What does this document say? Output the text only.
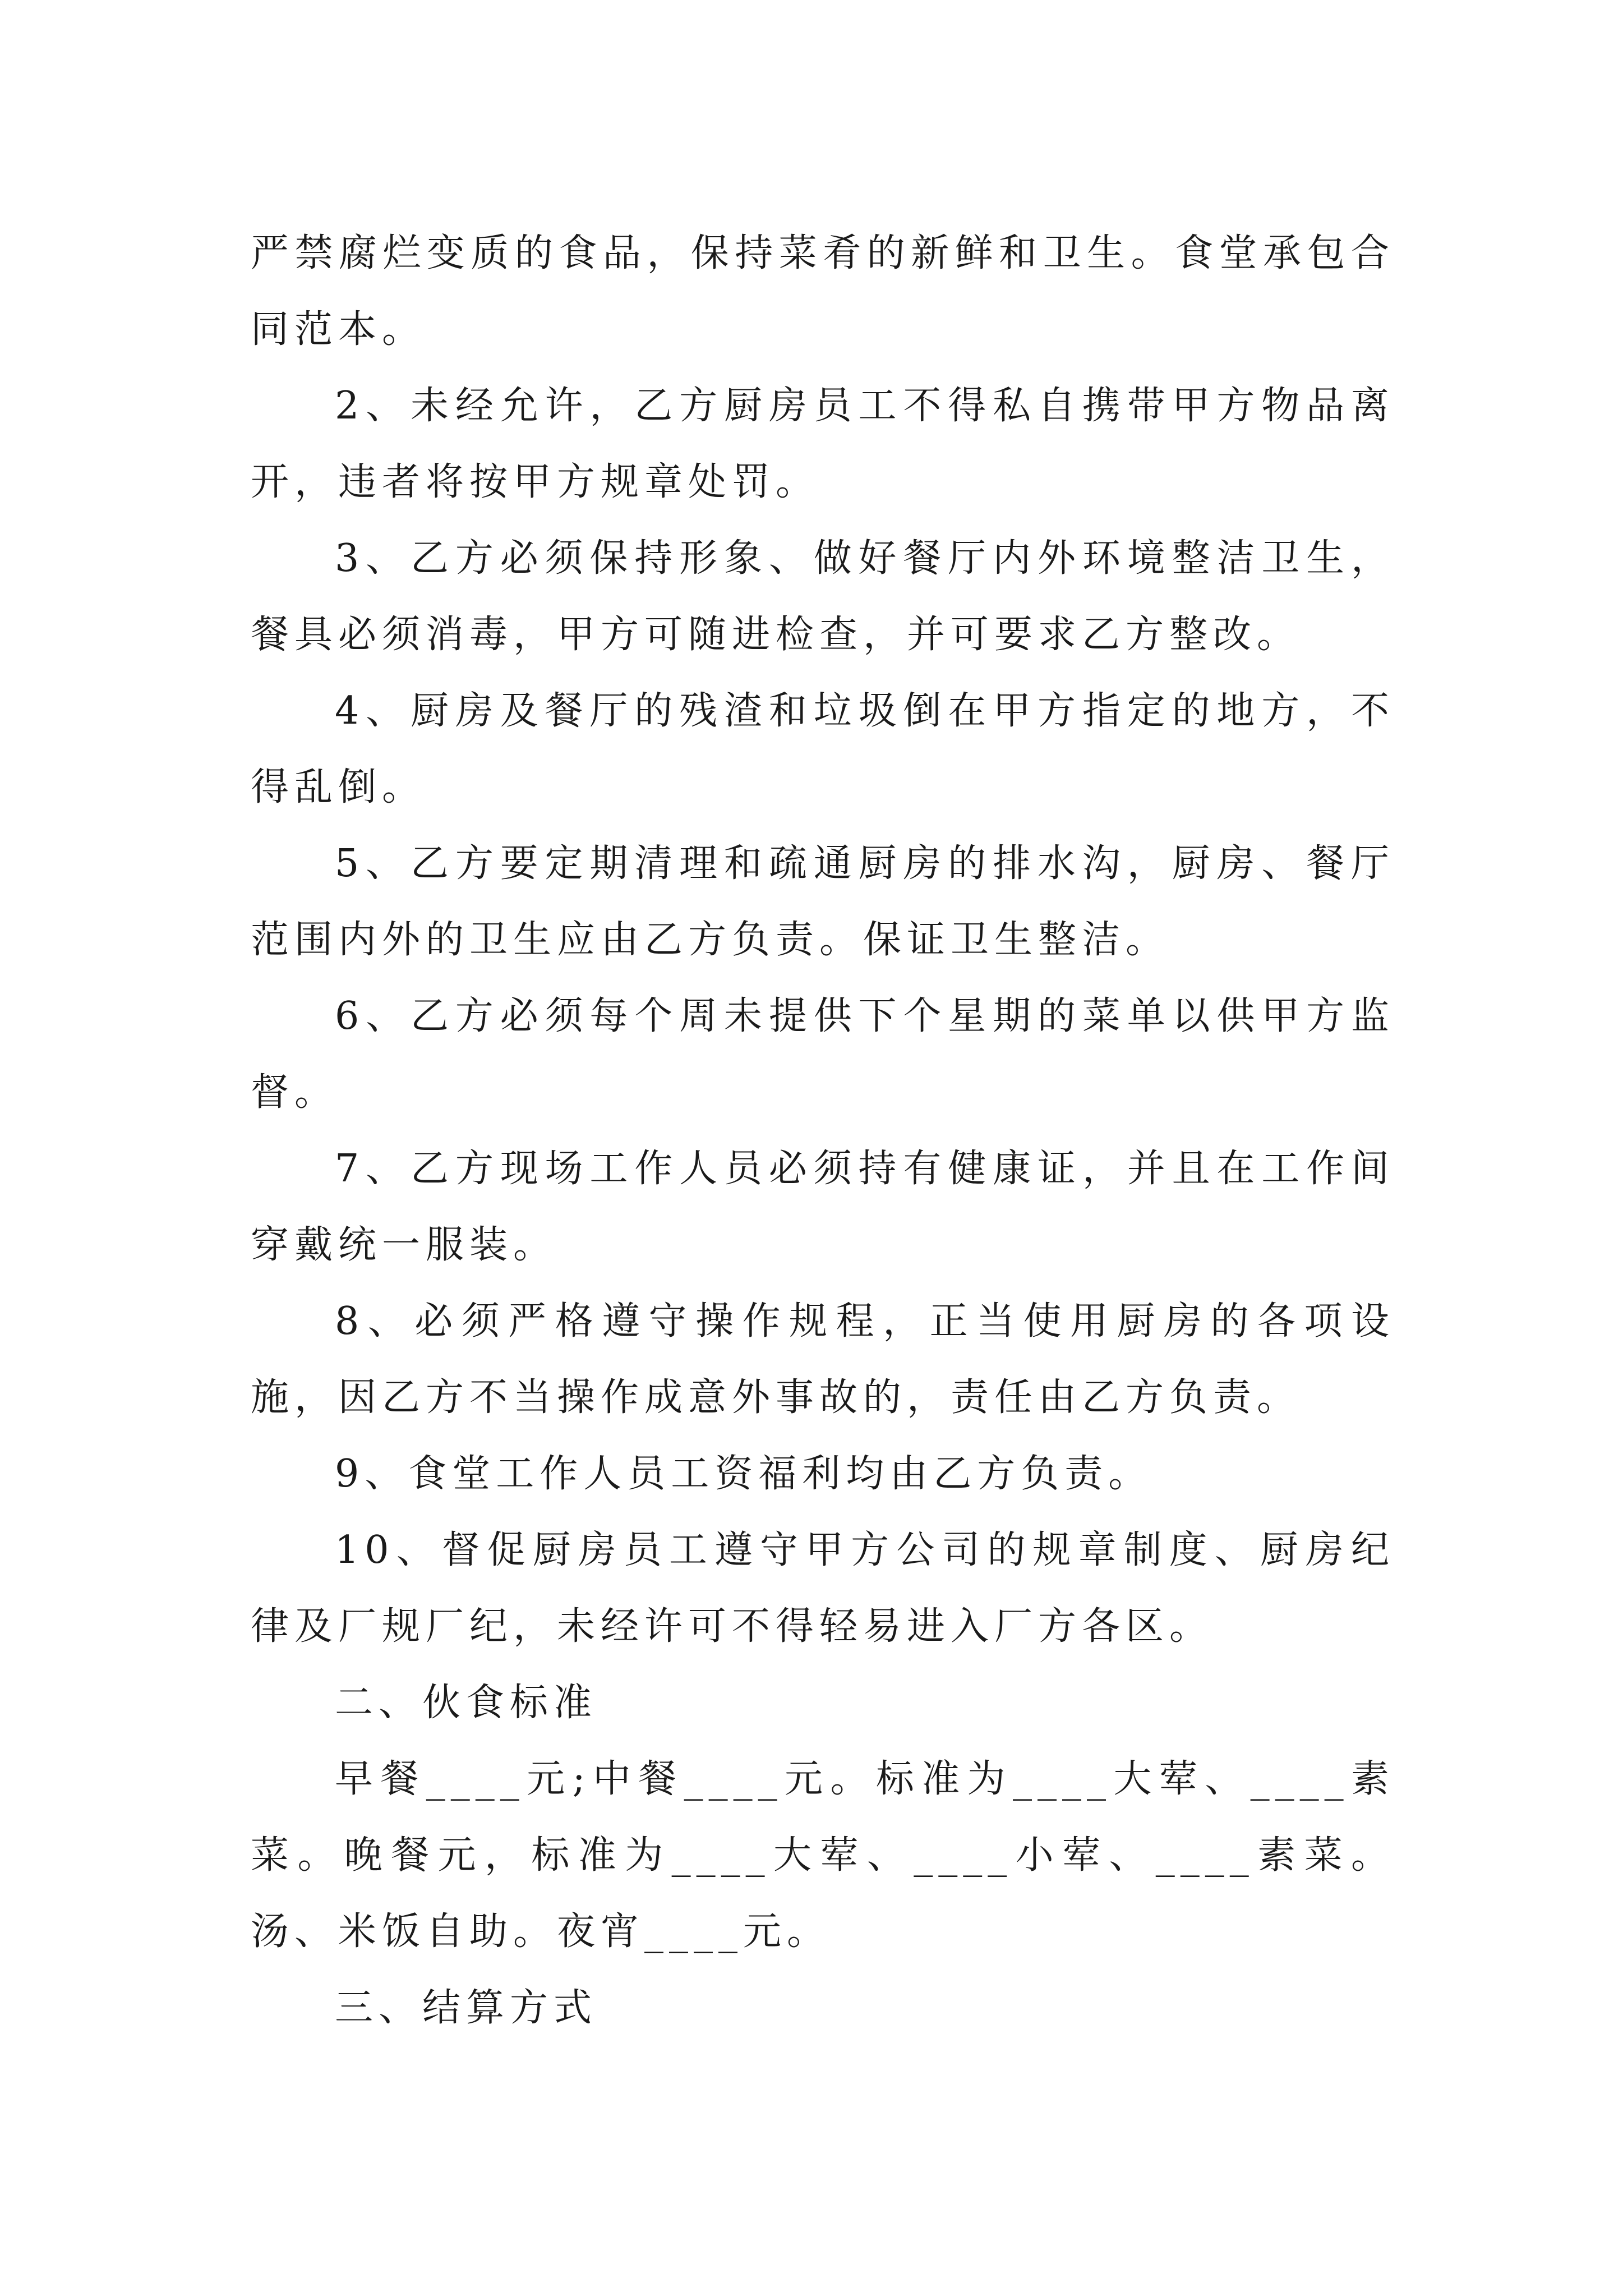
严禁腐烂变质的食品，保持菜肴的新鲜和卫生。食堂承包合同范本。

2、未经允许，乙方厨房员工不得私自携带甲方物品离开，违者将按甲方规章处罚。

3、乙方必须保持形象、做好餐厅内外环境整洁卫生，餐具必须消毒，甲方可随进检查，并可要求乙方整改。

4、厨房及餐厅的残渣和垃圾倒在甲方指定的地方，不得乱倒。

5、乙方要定期清理和疏通厨房的排水沟，厨房、餐厅范围内外的卫生应由乙方负责。保证卫生整洁。

6、乙方必须每个周未提供下个星期的菜单以供甲方监督。

7、乙方现场工作人员必须持有健康证，并且在工作间穿戴统一服装。

8、必须严格遵守操作规程，正当使用厨房的各项设施，因乙方不当操作成意外事故的，责任由乙方负责。

9、食堂工作人员工资福利均由乙方负责。

10、督促厨房员工遵守甲方公司的规章制度、厨房纪律及厂规厂纪，未经许可不得轻易进入厂方各区。

二、伙食标准

早餐____元;中餐____元。标准为____大荤、____素菜。晚餐元，标准为____大荤、____小荤、____素菜。汤、米饭自助。夜宵____元。

三、结算方式
